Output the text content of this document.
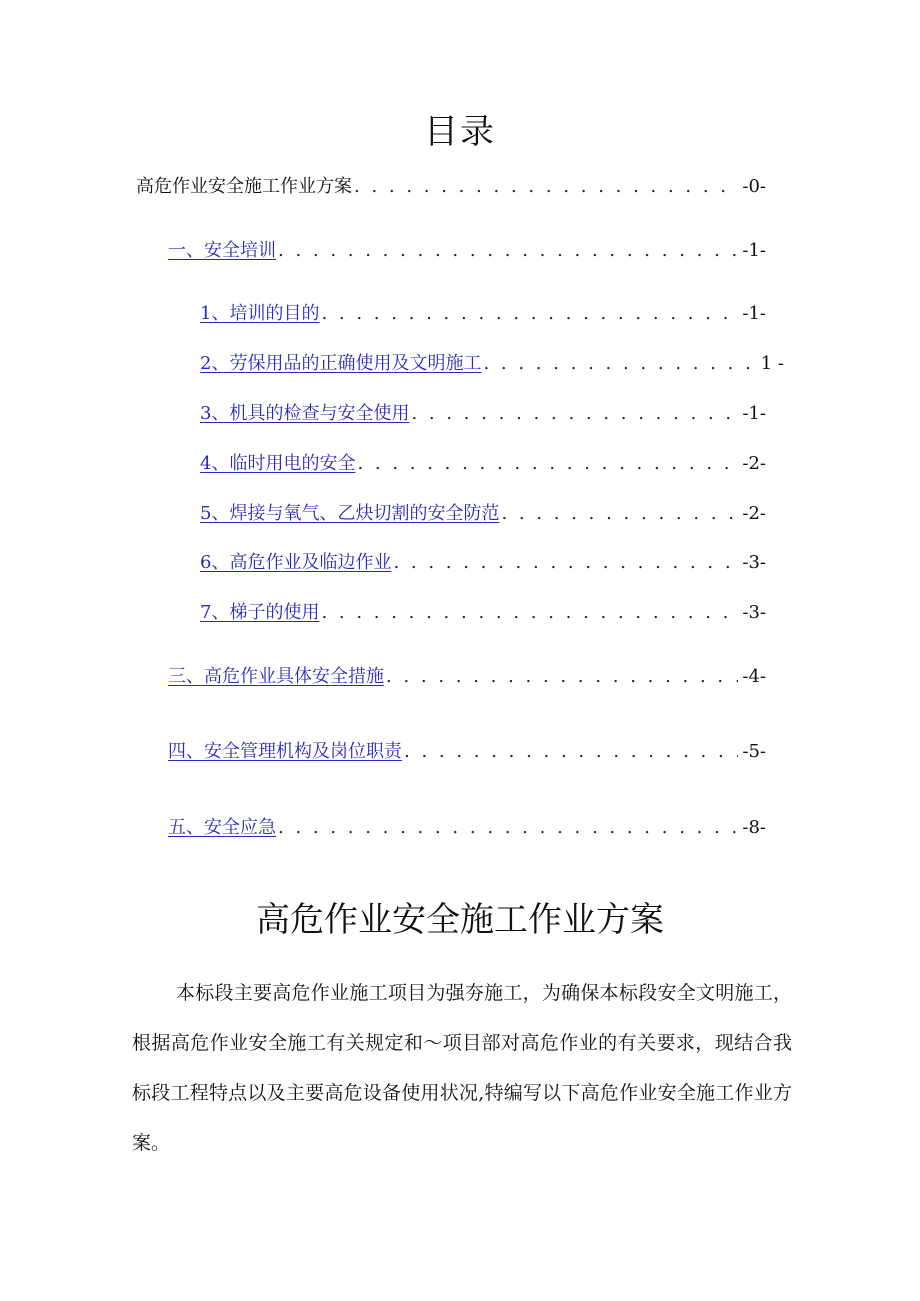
目录
高危作业安全施工作业方案 . . .	-0-
一、安全培训 . . .	-1-
1、培训的目的 . . .	-1-
2、劳保用品的正确使用及文明施工 . . .	1 -
3、机具的检查与安全使用 . . .	-1-
4、临时用电的安全 . . .	-2-
5、焊接与氧气、乙炔切割的安全防范 . . .	-2-
6、高危作业及临边作业 . . .	-3-
7、梯子的使用 . . .	-3-
三、高危作业具体安全措施 . . .	-4-
四、安全管理机构及岗位职责 . . .	-5-
五、安全应急 . . .	-8-
高危作业安全施工作业方案
本标段主要高危作业施工项目为强夯施工，为确保本标段安全文明施工，根据高危作业安全施工有关规定和～项目部对高危作业的有关要求，现结合我标段工程特点以及主要高危设备使用状况,特编写以下高危作业安全施工作业方案。
